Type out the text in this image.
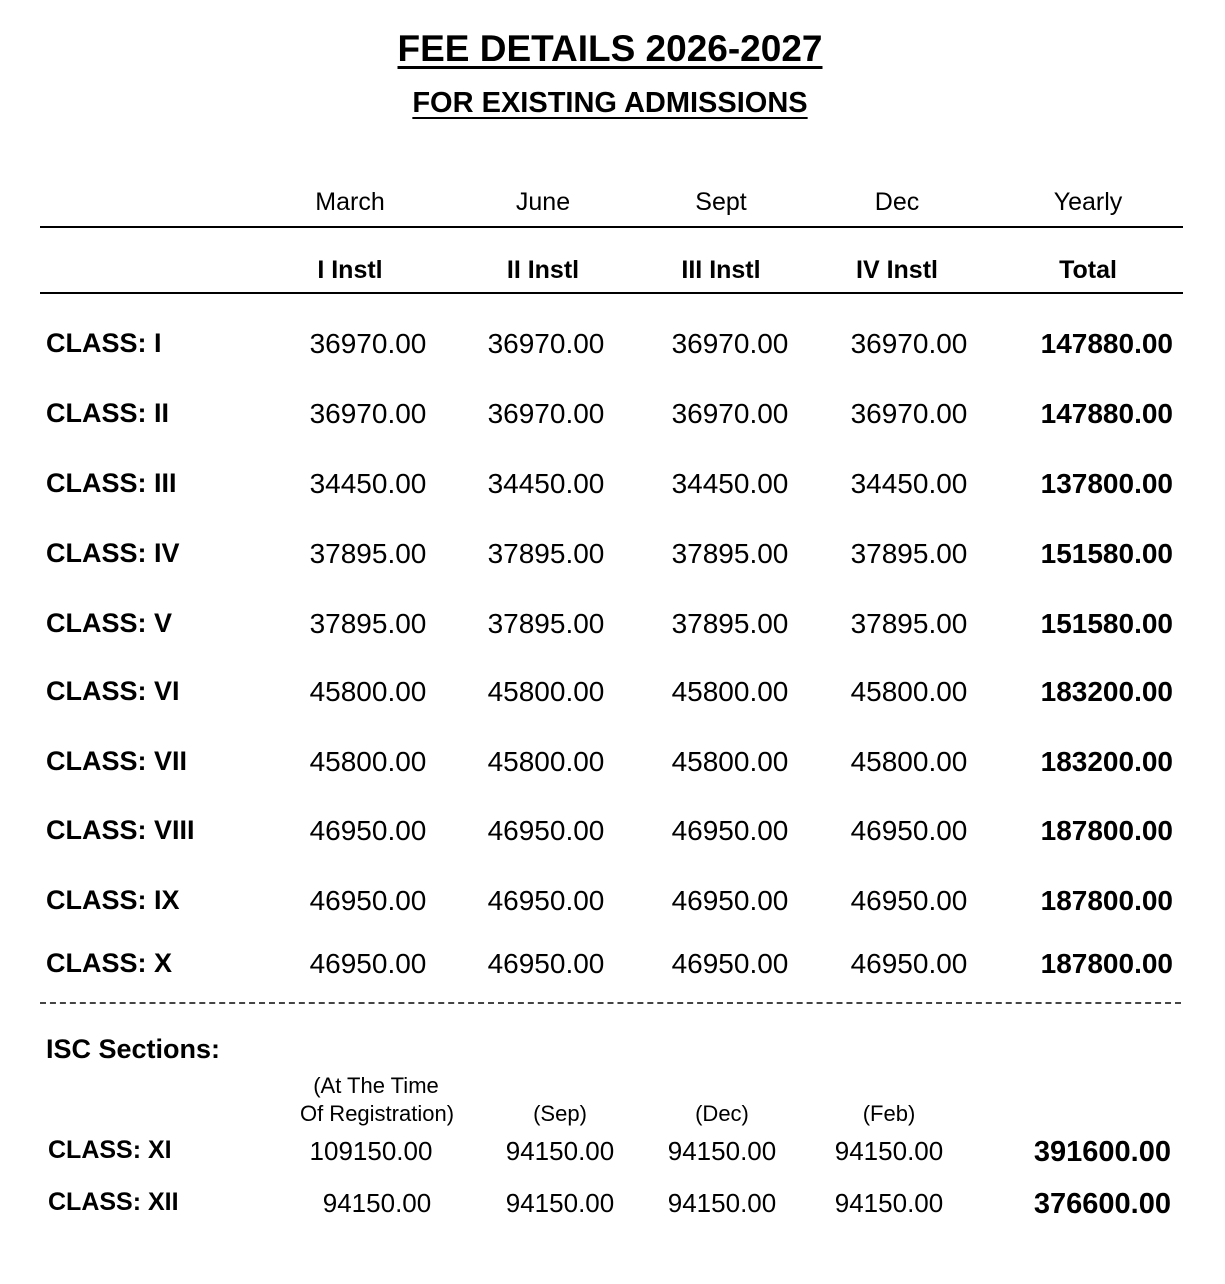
FEE DETAILS 2026-2027
FOR EXISTING ADMISSIONS
March	June	Sept	Dec	Yearly
I Instl	II Instl	III Instl	IV Instl	Total
CLASS: I	36970.00	36970.00	36970.00	36970.00	147880.00
CLASS: II	36970.00	36970.00	36970.00	36970.00	147880.00
CLASS: III	34450.00	34450.00	34450.00	34450.00	137800.00
CLASS: IV	37895.00	37895.00	37895.00	37895.00	151580.00
CLASS: V	37895.00	37895.00	37895.00	37895.00	151580.00
CLASS: VI	45800.00	45800.00	45800.00	45800.00	183200.00
CLASS: VII	45800.00	45800.00	45800.00	45800.00	183200.00
CLASS: VIII	46950.00	46950.00	46950.00	46950.00	187800.00
CLASS: IX	46950.00	46950.00	46950.00	46950.00	187800.00
CLASS: X	46950.00	46950.00	46950.00	46950.00	187800.00
ISC Sections:
(At The Time
Of Registration)	(Sep)	(Dec)	(Feb)
CLASS: XI	109150.00	94150.00	94150.00	94150.00	391600.00
CLASS: XII	94150.00	94150.00	94150.00	94150.00	376600.00
